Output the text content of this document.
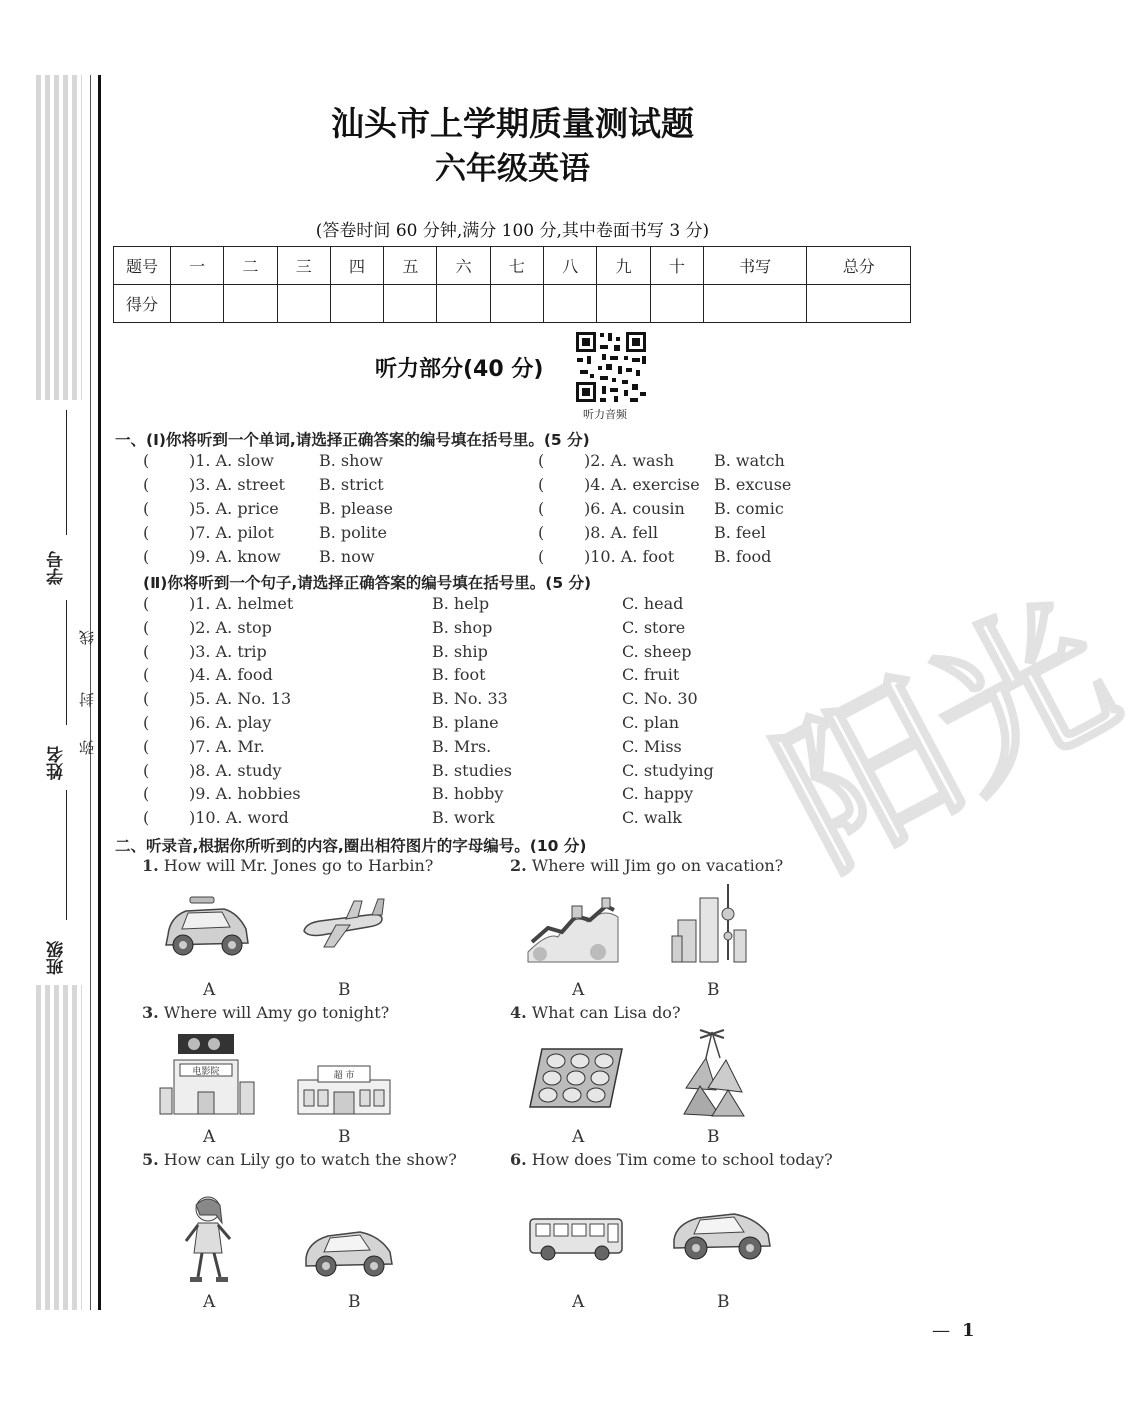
阳光
学号
姓名
班级
弥
封
线
汕头市上学期质量测试题
六年级英语
(答卷时间 60 分钟,满分 100 分,其中卷面书写 3 分)
题号	一	二	三	四	五	六	七	八	九	十	书写	总分
得分												
听力部分(40 分)
听力音频
一、(Ⅰ)你将听到一个单词,请选择正确答案的编号填在括号里。(5 分)
( )1. A. slow	B. show	( )2. A. wash B. watch
( )3. A. street B. strict	( )4. A. exercise B. excuse
( )5. A. price	B. please	( )6. A. cousin B. comic
( )7. A. pilot	B. polite	( )8. A. fell	B. feel
( )9. A. know B. now	( )10. A. foot B. food
(Ⅱ)你将听到一个句子,请选择正确答案的编号填在括号里。(5 分)
( )1. A. helmet	B. help	C. head
( )2. A. stop	B. shop	C. store
( )3. A. trip	B. ship	C. sheep
( )4. A. food	B. foot	C. fruit
( )5. A. No. 13	B. No. 33	C. No. 30
( )6. A. play	B. plane	C. plan
( )7. A. Mr.	B. Mrs.	C. Miss
( )8. A. study	B. studies	C. studying
( )9. A. hobbies	B. hobby	C. happy
( )10. A. word	B. work	C. walk
二、听录音,根据你所听到的内容,圈出相符图片的字母编号。(10 分)
1. How will Mr. Jones go to Harbin?	2. Where will Jim go on vacation?
A	B	A	B
3. Where will Amy go tonight?	4. What can Lisa do?
电影院	超 市
A	B	A	B
5. How can Lily go to watch the show?	6. How does Tim come to school today?
A	B	A	B
— 1
